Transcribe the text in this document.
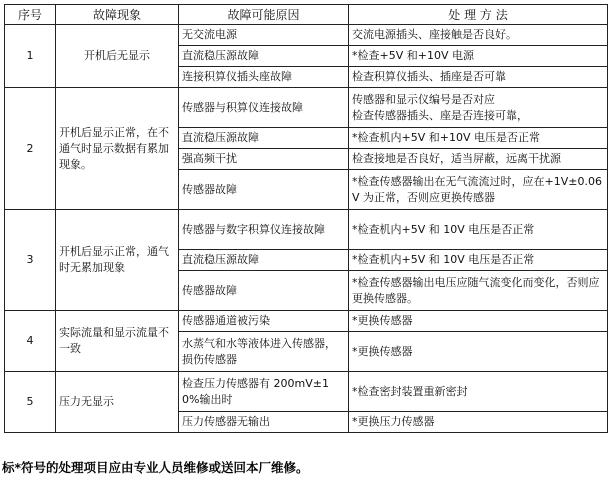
序号	故障现象	故障可能原因	处 理 方 法
1	开机后无显示	无交流电源	交流电源插头、座接触是否良好。
		直流稳压源故障	*检查+5V 和+10V 电源
		连接积算仪插头座故障	检查积算仪插头、插座是否可靠
2	开机后显示正常，在不通气时显示数据有累加现象。	传感器与积算仪连接故障	传感器和显示仪编号是否对应
检查传感器插头、座是否连接可靠，
		直流稳压源故障	*检查机内+5V 和+10V 电压是否正常
		强高频干扰	检查接地是否良好，适当屏蔽，远离干扰源
		传感器故障	*检查传感器输出在无气流流过时，应在+1V±0.06V 为正常，否则应更换传感器
3	开机后显示正常，通气时无累加现象	传感器与数字积算仪连接故障	*检查机内+5V 和 10V 电压是否正常
		直流稳压源故障	*检查机内+5V 和 10V 电压是否正常
		传感器故障	*检查传感器输出电压应随气流变化而变化，否则应更换传感器。
4	实际流量和显示流量不一致	传感器通道被污染	*更换传感器
		水蒸气和水等液体进入传感器，损伤传感器	*更换传感器
5	压力无显示	检查压力传感器有 200mV±10%输出时	*检查密封装置重新密封
		压力传感器无输出	*更换压力传感器
标*符号的处理项目应由专业人员维修或送回本厂维修。
